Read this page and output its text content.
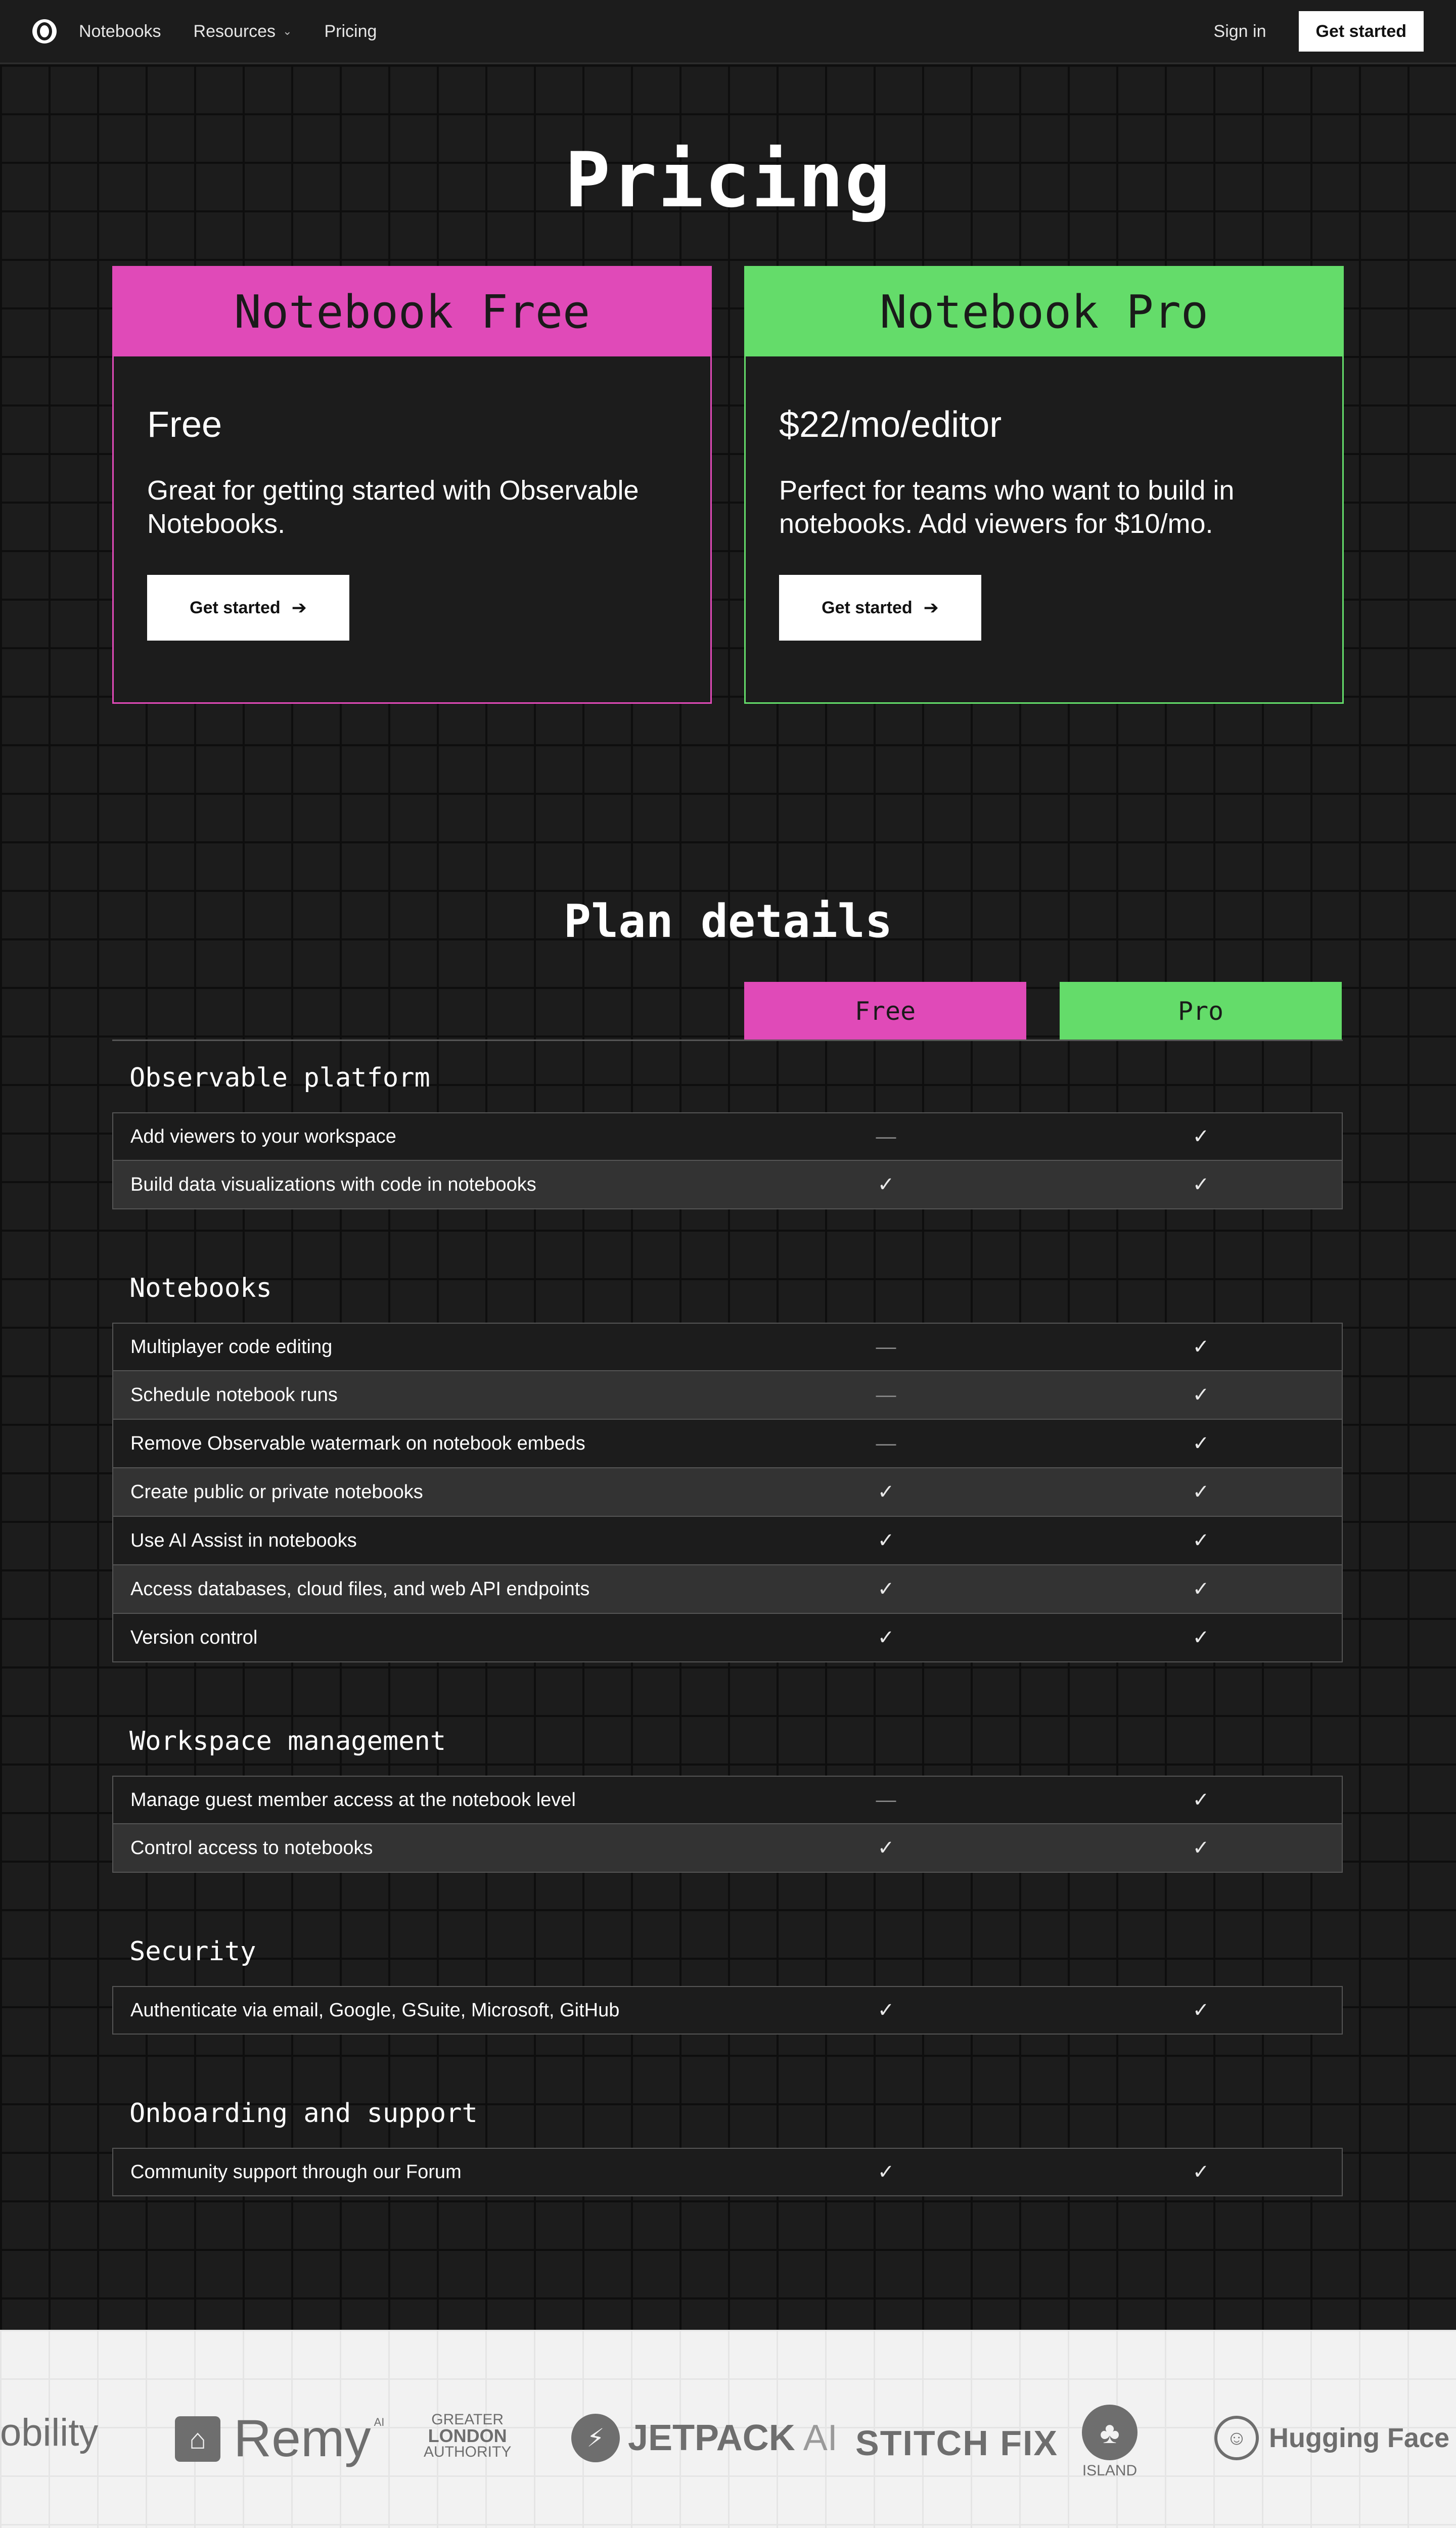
Notebooks Resources ⌄ Pricing	Sign in	Get started
Pricing
Notebook Free
Free
Great for getting started with Observable Notebooks.
Get started ➔
Notebook Pro
$22/mo/editor
Perfect for teams who want to build in notebooks. Add viewers for $10/mo.
Get started ➔
Plan details
Free	Pro
Observable platform
Add viewers to your workspace	—	✓
Build data visualizations with code in notebooks	✓	✓
Notebooks
Multiplayer code editing	—	✓
Schedule notebook runs	—	✓
Remove Observable watermark on notebook embeds	—	✓
Create public or private notebooks	✓	✓
Use AI Assist in notebooks	✓	✓
Access databases, cloud files, and web API endpoints	✓	✓
Version control	✓	✓
Workspace management
Manage guest member access at the notebook level	—	✓
Control access to notebooks	✓	✓
Security
Authenticate via email, Google, GSuite, Microsoft, GitHub	✓	✓
Onboarding and support
Community support through our Forum	✓	✓
obility	⌂ Remy $^{AI}$	GREATER
LONDON
AUTHORITY	⚡ JETPACK AI STITCH FIX	♣
ISLAND
☺ Hugging Face
